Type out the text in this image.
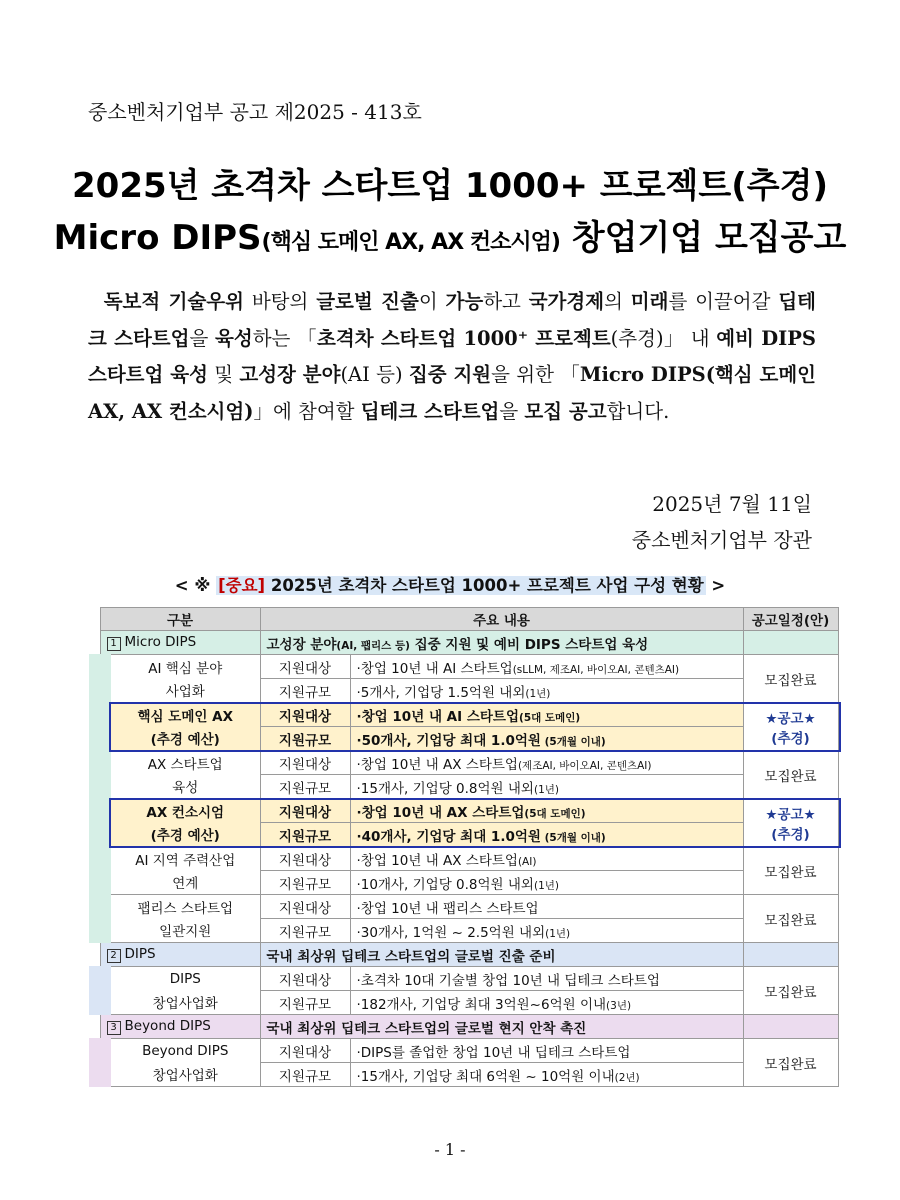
중소벤처기업부 공고 제2025 - 413호
2025년 초격차 스타트업 1000+ 프로젝트(추경)
Micro DIPS(핵심 도메인 AX, AX 컨소시엄) 창업기업 모집공고
독보적 기술우위 바탕의 글로벌 진출이 가능하고 국가경제의 미래를 이끌어갈 딥테크 스타트업을 육성하는 「초격차 스타트업 1000⁺ 프로젝트(추경)」 내 예비 DIPS 스타트업 육성 및 고성장 분야(AI 등) 집중 지원을 위한 「Micro DIPS(핵심 도메인 AX, AX 컨소시엄)」에 참여할 딥테크 스타트업을 모집 공고합니다.
2025년 7월 11일
중소벤처기업부 장관
< ※ [중요] 2025년 초격차 스타트업 1000+ 프로젝트 사업 구성 현황 >
구분	주요 내용		공고일정(안)
1 Micro DIPS	고성장 분야(AI, 팹리스 등) 집중 지원 및 예비 DIPS 스타트업 육성		
AI 핵심 분야	지원대상	·창업 10년 내 AI 스타트업(sLLM, 제조AI, 바이오AI, 콘텐츠AI)	모집완료

사업화	지원규모	·5개사, 기업당 1.5억원 내외(1년)	
핵심 도메인 AX	지원대상	·창업 10년 내 AI 스타트업(5대 도메인)	★공고★
(추경)

(추경 예산)	지원규모	·50개사, 기업당 최대 1.0억원 (5개월 이내)	
AX 스타트업	지원대상	·창업 10년 내 AX 스타트업(제조AI, 바이오AI, 콘텐츠AI)	모집완료

육성	지원규모	·15개사, 기업당 0.8억원 내외(1년)	
AX 컨소시엄	지원대상	·창업 10년 내 AX 스타트업(5대 도메인)	★공고★
(추경)

(추경 예산)	지원규모	·40개사, 기업당 최대 1.0억원 (5개월 이내)	
AI 지역 주력산업	지원대상	·창업 10년 내 AX 스타트업(AI)	모집완료

연계	지원규모	·10개사, 기업당 0.8억원 내외(1년)	
팹리스 스타트업	지원대상	·창업 10년 내 팹리스 스타트업	모집완료

일관지원	지원규모	·30개사, 1억원 ~ 2.5억원 내외(1년)	
2 DIPS	국내 최상위 딥테크 스타트업의 글로벌 진출 준비		
DIPS	지원대상	·초격차 10대 기술별 창업 10년 내 딥테크 스타트업	모집완료

창업사업화	지원규모	·182개사, 기업당 최대 3억원~6억원 이내(3년)	
3 Beyond DIPS	국내 최상위 딥테크 스타트업의 글로벌 현지 안착 촉진		
Beyond DIPS	지원대상	·DIPS를 졸업한 창업 10년 내 딥테크 스타트업	모집완료

창업사업화	지원규모	·15개사, 기업당 최대 6억원 ~ 10억원 이내(2년)	
- 1 -
